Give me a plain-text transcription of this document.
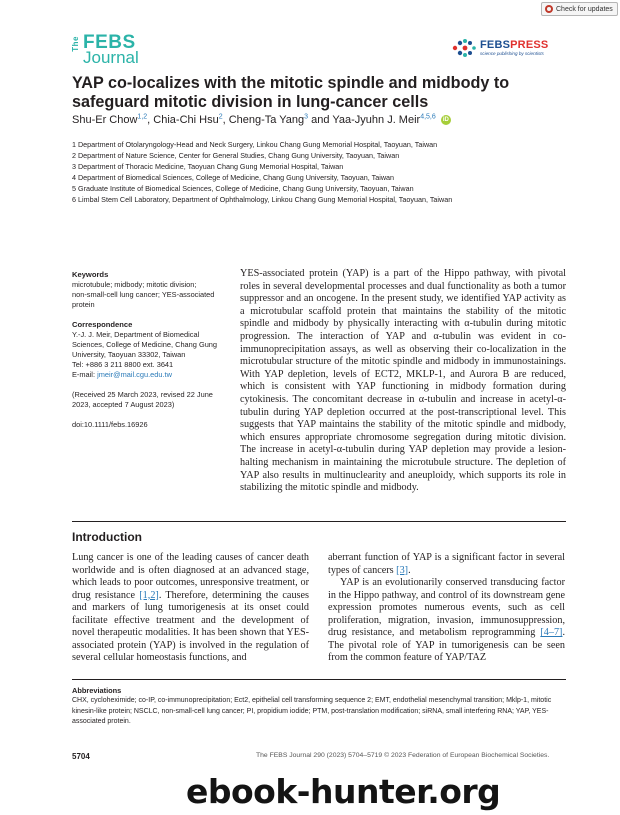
Check for updates
The FEBS
Journal
FEBSPRESS
science publishing by scientists
YAP co-localizes with the mitotic spindle and midbody to safeguard mitotic division in lung-cancer cells
Shu-Er Chow$^{1,2}$, Chia-Chi Hsu$^2$, Cheng-Ta Yang$^3$ and Yaa-Jyuhn J. Meir$^{4,5,6}$ iD
1 Department of Otolaryngology-Head and Neck Surgery, Linkou Chang Gung Memorial Hospital, Taoyuan, Taiwan
2 Department of Nature Science, Center for General Studies, Chang Gung University, Taoyuan, Taiwan
3 Department of Thoracic Medicine, Taoyuan Chang Gung Memorial Hospital, Taiwan
4 Department of Biomedical Sciences, College of Medicine, Chang Gung University, Taoyuan, Taiwan
5 Graduate Institute of Biomedical Sciences, College of Medicine, Chang Gung University, Taoyuan, Taiwan
6 Limbal Stem Cell Laboratory, Department of Ophthalmology, Linkou Chang Gung Memorial Hospital, Taoyuan, Taiwan
Keywords
microtubule; midbody; mitotic division;
non-small-cell lung cancer; YES-associated
protein
Correspondence
Y.-J. J. Meir, Department of Biomedical
Sciences, College of Medicine, Chang Gung
University, Taoyuan 33302, Taiwan
Tel: +886 3 211 8800 ext. 3641
E-mail: jmeir@mail.cgu.edu.tw
(Received 25 March 2023, revised 22 June
2023, accepted 7 August 2023)
doi:10.1111/febs.16926

YES-associated protein (YAP) is a part of the Hippo pathway, with pivotal roles in several developmental processes and dual functionality as both a tumor suppressor and an oncogene. In the present study, we identified YAP activity as a microtubular scaffold protein that maintains the stability of the mitotic spindle and midbody by physically interacting with α-tubulin during mitotic progression. The interaction of YAP and α-tubulin was evident in co-immunoprecipitation assays, as well as observing their co-localization in the microtubular structure of the mitotic spindle and midbody in immunostainings. With YAP depletion, levels of ECT2, MKLP-1, and Aurora B are reduced, which is consistent with YAP functioning in midbody formation during cytokinesis. The concomitant decrease in α-tubulin and increase in acetyl-α-tubulin during YAP depletion occurred at the post-transcriptional level. This suggests that YAP maintains the stability of the mitotic spindle and midbody, which ensures appropriate chromosome segregation during mitotic division. The increase in acetyl-α-tubulin during YAP depletion may provide a lesion-halting mechanism in maintaining the microtubule structure. The depletion of YAP also results in multinuclearity and aneuploidy, which supports its role in stabilizing the mitotic spindle and midbody.

Introduction

Lung cancer is one of the leading causes of cancer death worldwide and is often diagnosed at an advanced stage, which leads to poor outcomes, unresponsive treatment, or drug resistance [1,2]. Therefore, determining the causes and markers of lung tumorigenesis at its onset could facilitate effective treatment and the development of novel therapeutic modalities. It has been shown that YES-associated protein (YAP) is involved in the regulation of several cellular homeostasis functions, and

aberrant function of YAP is a significant factor in several types of cancers [3].

YAP is an evolutionarily conserved transducing factor in the Hippo pathway, and control of its downstream gene expression promotes numerous events, such as cell proliferation, migration, invasion, immunosuppression, drug resistance, and metabolism reprogramming [4–7]. The pivotal role of YAP in tumorigenesis can be seen from the common feature of YAP/TAZ

Abbreviations
CHX, cycloheximide; co-IP, co-immunoprecipitation; Ect2, epithelial cell transforming sequence 2; EMT, endothelial mesenchymal transition; Mklp-1, mitotic kinesin-like protein; NSCLC, non-small-cell lung cancer; PI, propidium iodide; PTM, post-translation modification; siRNA, small interfering RNA; YAP, YES-associated protein.
5704	The FEBS Journal 290 (2023) 5704–5719 © 2023 Federation of European Biochemical Societies.
ebook-hunter.org
